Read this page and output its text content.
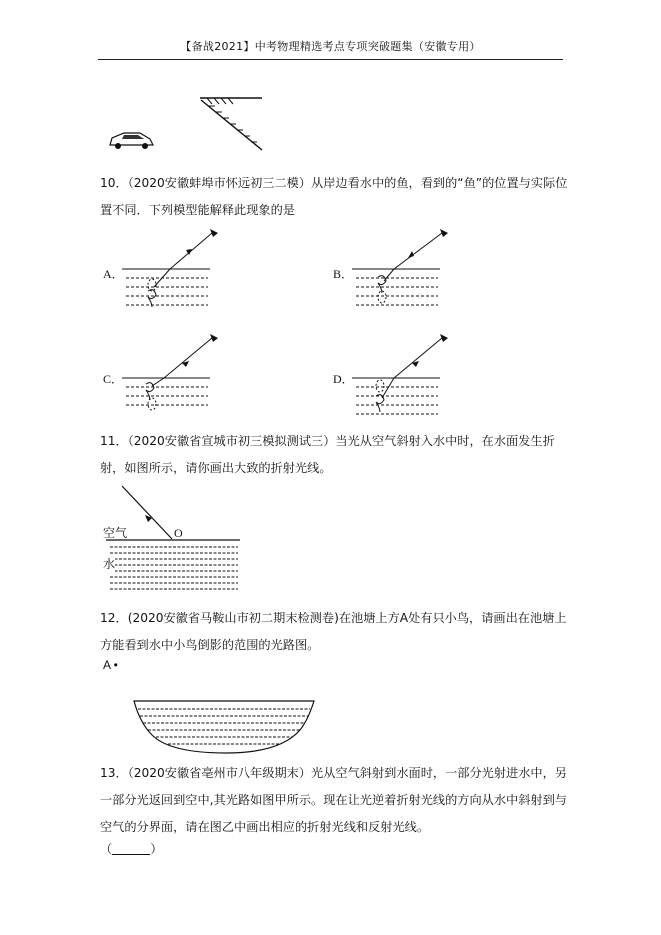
【备战2021】中考物理精选考点专项突破题集（安徽专用）
10．（2020安徽蚌埠市怀远初三二模）从岸边看水中的鱼，看到的“鱼”的位置与实际位置不同．下列模型能解释此现象的是
A．	B．
C．	D．
11．（2020安徽省宣城市初三模拟测试三）当光从空气斜射入水中时，在水面发生折射，如图所示，请你画出大致的折射光线。
空气
水
O
12．(2020安徽省马鞍山市初二期末检测卷)在池塘上方A处有只小鸟，请画出在池塘上方能看到水中小鸟倒影的范围的光路图。
A •
13．（2020安徽省亳州市八年级期末）光从空气斜射到水面时，一部分光射进水中，另一部分光返回到空中,其光路如图甲所示。现在让光逆着折射光线的方向从水中斜射到与空气的分界面，请在图乙中画出相应的折射光线和反射光线。
（	）
